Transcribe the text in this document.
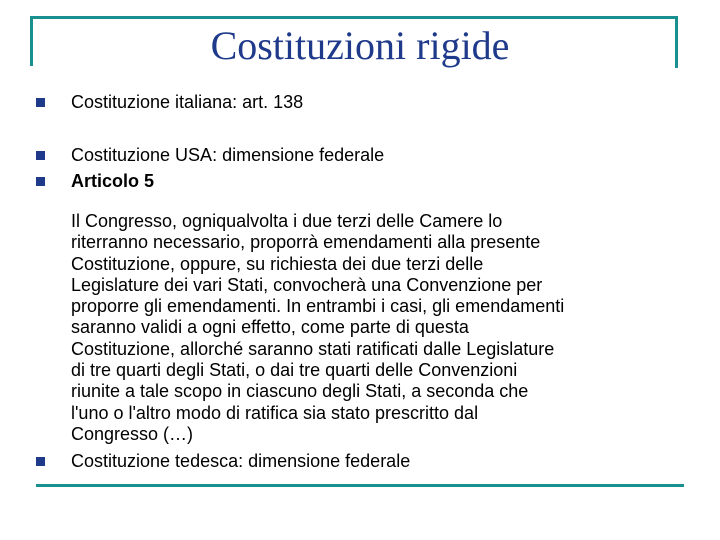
Costituzioni rigide
Costituzione italiana: art. 138
Costituzione USA: dimensione federale
Articolo 5
Il Congresso, ogniqualvolta i due terzi delle Camere lo
riterranno necessario, proporrà emendamenti alla presente
Costituzione, oppure, su richiesta dei due terzi delle
Legislature dei vari Stati, convocherà una Convenzione per
proporre gli emendamenti. In entrambi i casi, gli emendamenti
saranno validi a ogni effetto, come parte di questa
Costituzione, allorché saranno stati ratificati dalle Legislature
di tre quarti degli Stati, o dai tre quarti delle Convenzioni
riunite a tale scopo in ciascuno degli Stati, a seconda che
l'uno o l'altro modo di ratifica sia stato prescritto dal
Congresso (…)
Costituzione tedesca: dimensione federale
